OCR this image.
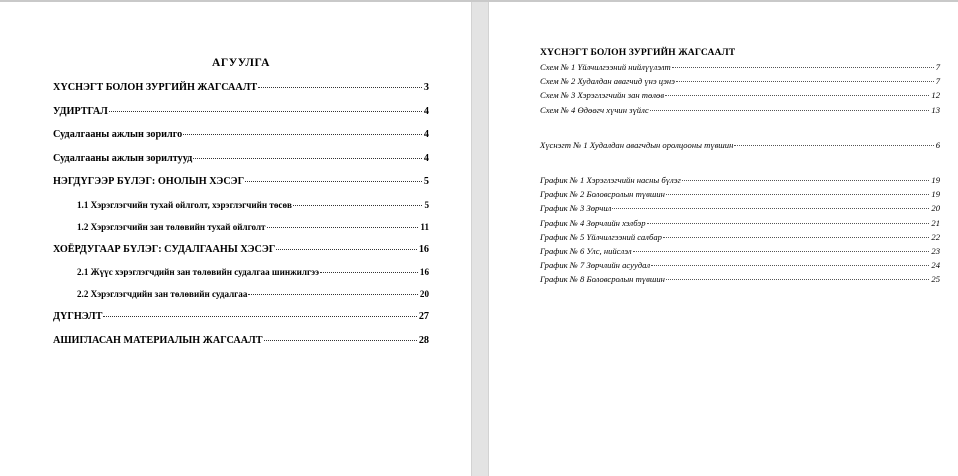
АГУУЛГА
ХҮСНЭГТ БОЛОН ЗУРГИЙН ЖАГСААЛТ	3
УДИРТГАЛ	4
Судалгааны ажлын зорилго	4
Судалгааны ажлын зорилтууд	4
НЭГДҮГЭЭР БҮЛЭГ: ОНОЛЫН ХЭСЭГ	5
1.1 Хэрэглэгчийн тухай ойлголт, хэрэглэгчийн төсөв	5
1.2 Хэрэглэгчийн зан төлөвийн тухай ойлголт	11
ХОЁРДУГААР БҮЛЭГ: СУДАЛГААНЫ ХЭСЭГ	16
2.1 Жүүс хэрэглэгчдийн зан төлөвийн судалгаа шинжилгээ	16
2.2 Хэрэглэгчдийн зан төлөвийн судалгаа	20
ДҮГНЭЛТ	27
АШИГЛАСАН МАТЕРИАЛЫН ЖАГСААЛТ	28
ХҮСНЭГТ БОЛОН ЗУРГИЙН ЖАГСААЛТ
Схем № 1 Үйлчилгээний нийлүүлэлт	7
Схем № 2 Худалдан авагчид үнэ цэнэ	7
Схем № 3 Хэрэглэгчийн зан төлөв	12
Схем № 4 Өдөөгч хүчин зүйлс	13
Хүснэгт № 1 Худалдан авагчдын оролцооны түвшин	6
График № 1 Хэрэглэгчийн насны бүлэг	19
График № 2 Боловсролын түвшин	19
График № 3 Зөрчил	20
График № 4 Зөрчлийн хэлбэр	21
График № 5 Үйлчилгээний салбар	22
График № 6 Улс, нийслэл	23
График № 7 Зөрчлийн асуудал	24
График № 8 Боловсролын түвшин	25
